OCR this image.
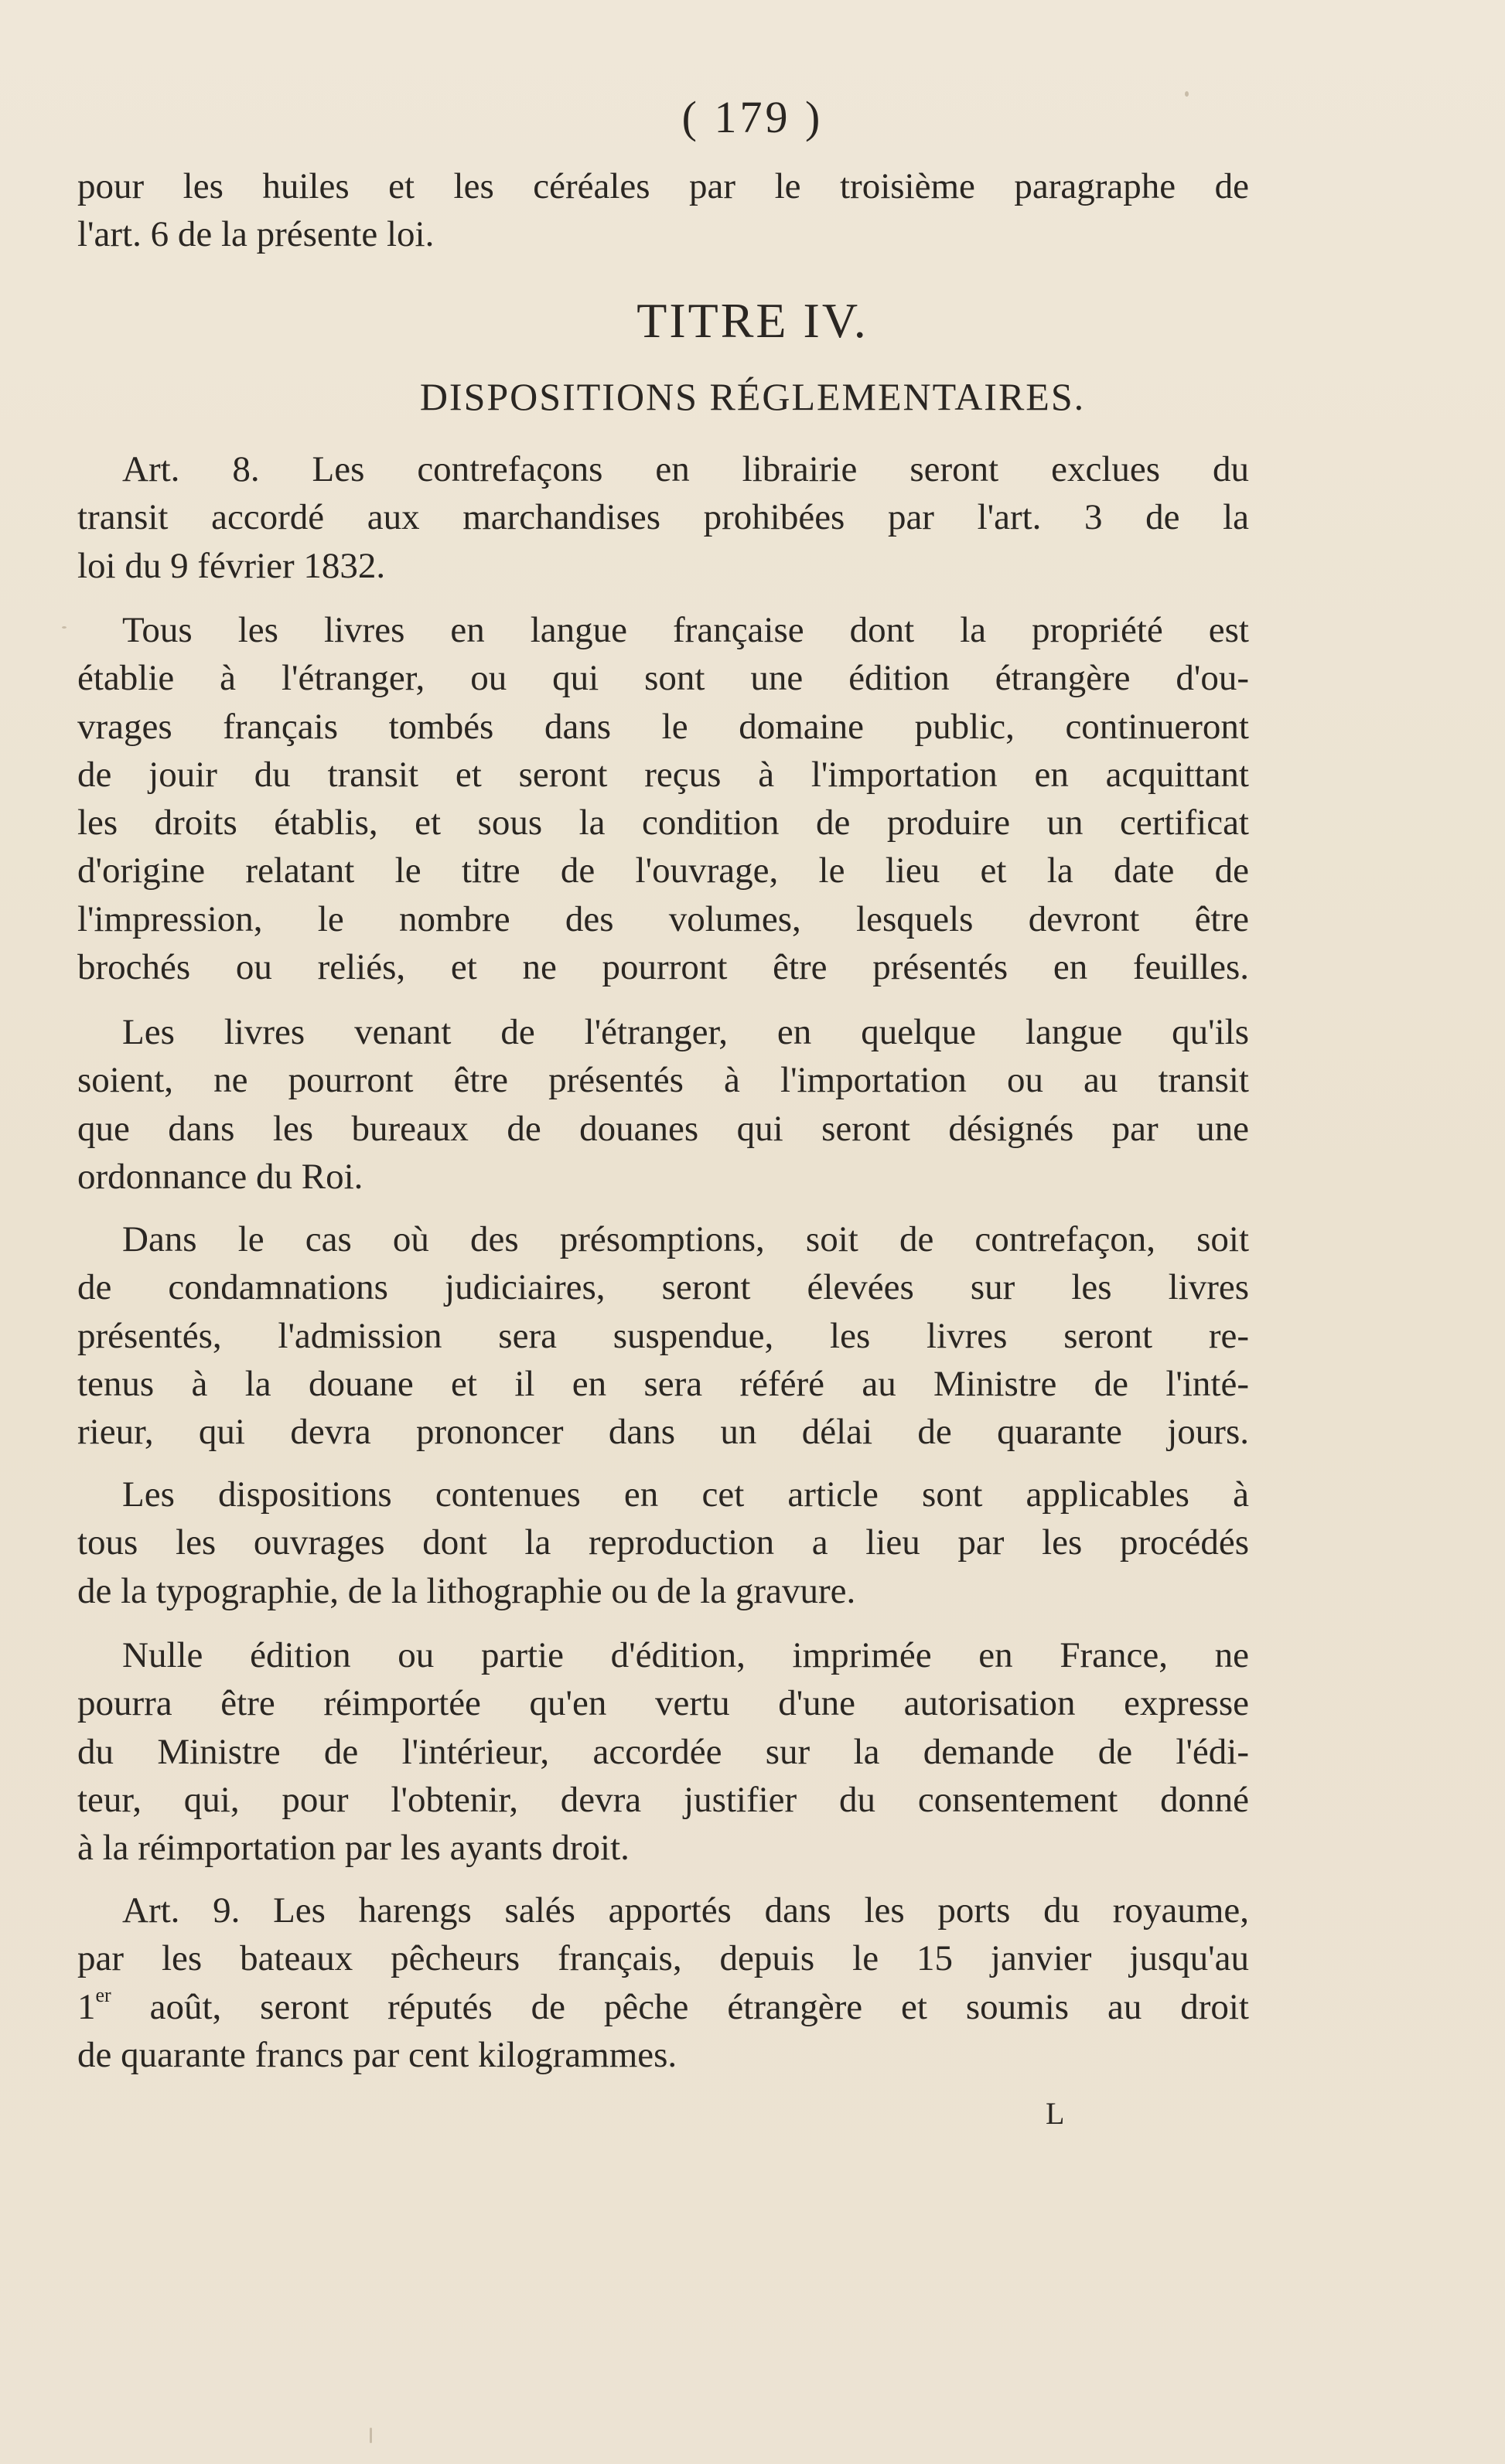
( 179 )
pour les huiles et les céréales par le troisième paragraphe de
l'art. 6 de la présente loi.
TITRE IV.
DISPOSITIONS RÉGLEMENTAIRES.
Art. 8. Les contrefaçons en librairie seront exclues du
transit accordé aux marchandises prohibées par l'art. 3 de la
loi du 9 février 1832.
Tous les livres en langue française dont la propriété est
établie à l'étranger, ou qui sont une édition étrangère d'ou-
vrages français tombés dans le domaine public, continueront
de jouir du transit et seront reçus à l'importation en acquittant
les droits établis, et sous la condition de produire un certificat
d'origine relatant le titre de l'ouvrage, le lieu et la date de
l'impression, le nombre des volumes, lesquels devront être
brochés ou reliés, et ne pourront être présentés en feuilles.
Les livres venant de l'étranger, en quelque langue qu'ils
soient, ne pourront être présentés à l'importation ou au transit
que dans les bureaux de douanes qui seront désignés par une
ordonnance du Roi.
Dans le cas où des présomptions, soit de contrefaçon, soit
de condamnations judiciaires, seront élevées sur les livres
présentés, l'admission sera suspendue, les livres seront re-
tenus à la douane et il en sera référé au Ministre de l'inté-
rieur, qui devra prononcer dans un délai de quarante jours.
Les dispositions contenues en cet article sont applicables à
tous les ouvrages dont la reproduction a lieu par les procédés
de la typographie, de la lithographie ou de la gravure.
Nulle édition ou partie d'édition, imprimée en France, ne
pourra être réimportée qu'en vertu d'une autorisation expresse
du Ministre de l'intérieur, accordée sur la demande de l'édi-
teur, qui, pour l'obtenir, devra justifier du consentement donné
à la réimportation par les ayants droit.
Art. 9. Les harengs salés apportés dans les ports du royaume,
par les bateaux pêcheurs français, depuis le 15 janvier jusqu'au
1er août, seront réputés de pêche étrangère et soumis au droit
de quarante francs par cent kilogrammes.
L
